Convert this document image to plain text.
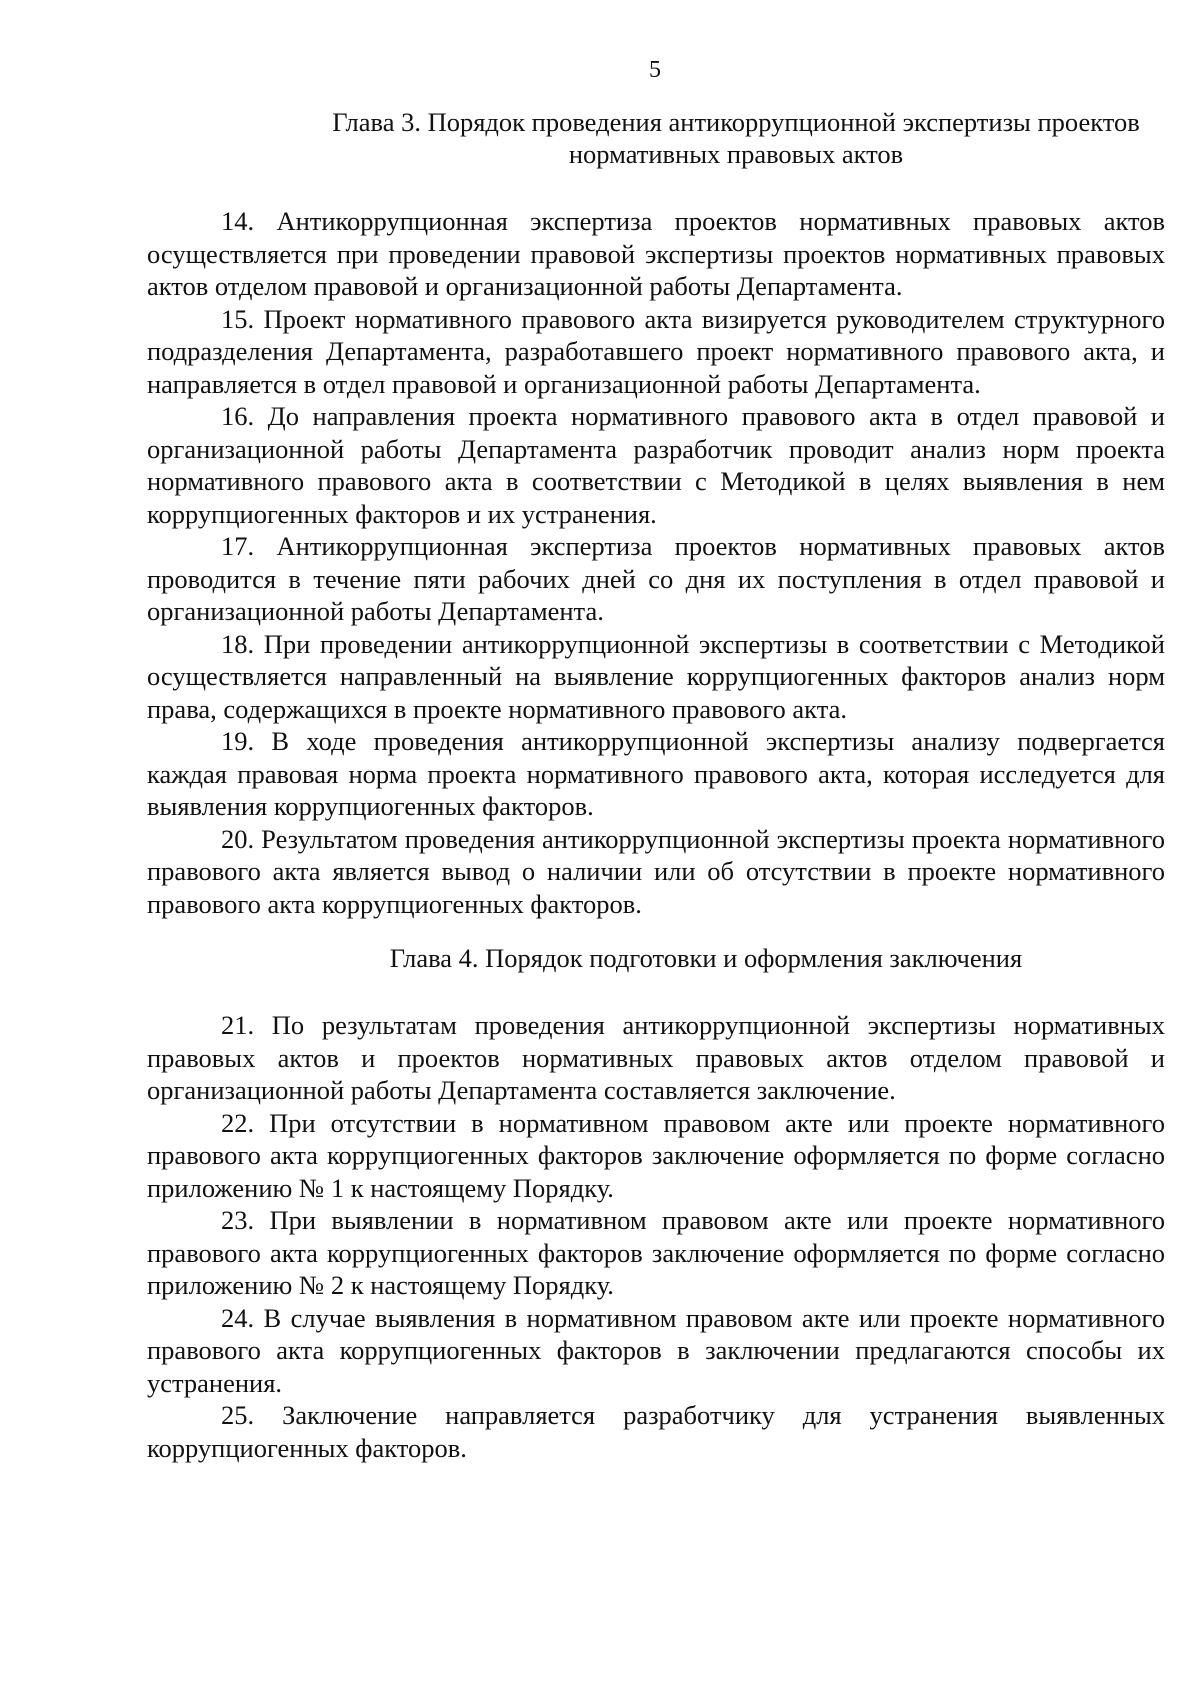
5
Глава 3. Порядок проведения антикоррупционной экспертизы проектов
нормативных правовых актов

14. Антикоррупционная экспертиза проектов нормативных правовых актов осуществляется при проведении правовой экспертизы проектов нормативных правовых актов отделом правовой и организационной работы Департамента.

15. Проект нормативного правового акта визируется руководителем структурного подразделения Департамента, разработавшего проект нормативного правового акта, и направляется в отдел правовой и организационной работы Департамента.

16. До направления проекта нормативного правового акта в отдел правовой и организационной работы Департамента разработчик проводит анализ норм проекта нормативного правового акта в соответствии с Методикой в целях выявления в нем коррупциогенных факторов и их устранения.

17. Антикоррупционная экспертиза проектов нормативных правовых актов проводится в течение пяти рабочих дней со дня их поступления в отдел правовой и организационной работы Департамента.

18. При проведении антикоррупционной экспертизы в соответствии с Методикой осуществляется направленный на выявление коррупциогенных факторов анализ норм права, содержащихся в проекте нормативного правового акта.

19. В ходе проведения антикоррупционной экспертизы анализу подвергается каждая правовая норма проекта нормативного правового акта, которая исследуется для выявления коррупциогенных факторов.

20. Результатом проведения антикоррупционной экспертизы проекта нормативного правового акта является вывод о наличии или об отсутствии в проекте нормативного правового акта коррупциогенных факторов.

Глава 4. Порядок подготовки и оформления заключения

21. По результатам проведения антикоррупционной экспертизы нормативных правовых актов и проектов нормативных правовых актов отделом правовой и организационной работы Департамента составляется заключение.

22. При отсутствии в нормативном правовом акте или проекте нормативного правового акта коррупциогенных факторов заключение оформляется по форме согласно приложению № 1 к настоящему Порядку.

23. При выявлении в нормативном правовом акте или проекте нормативного правового акта коррупциогенных факторов заключение оформляется по форме согласно приложению № 2 к настоящему Порядку.

24. В случае выявления в нормативном правовом акте или проекте нормативного правового акта коррупциогенных факторов в заключении предлагаются способы их устранения.

25. Заключение направляется разработчику для устранения выявленных коррупциогенных факторов.
